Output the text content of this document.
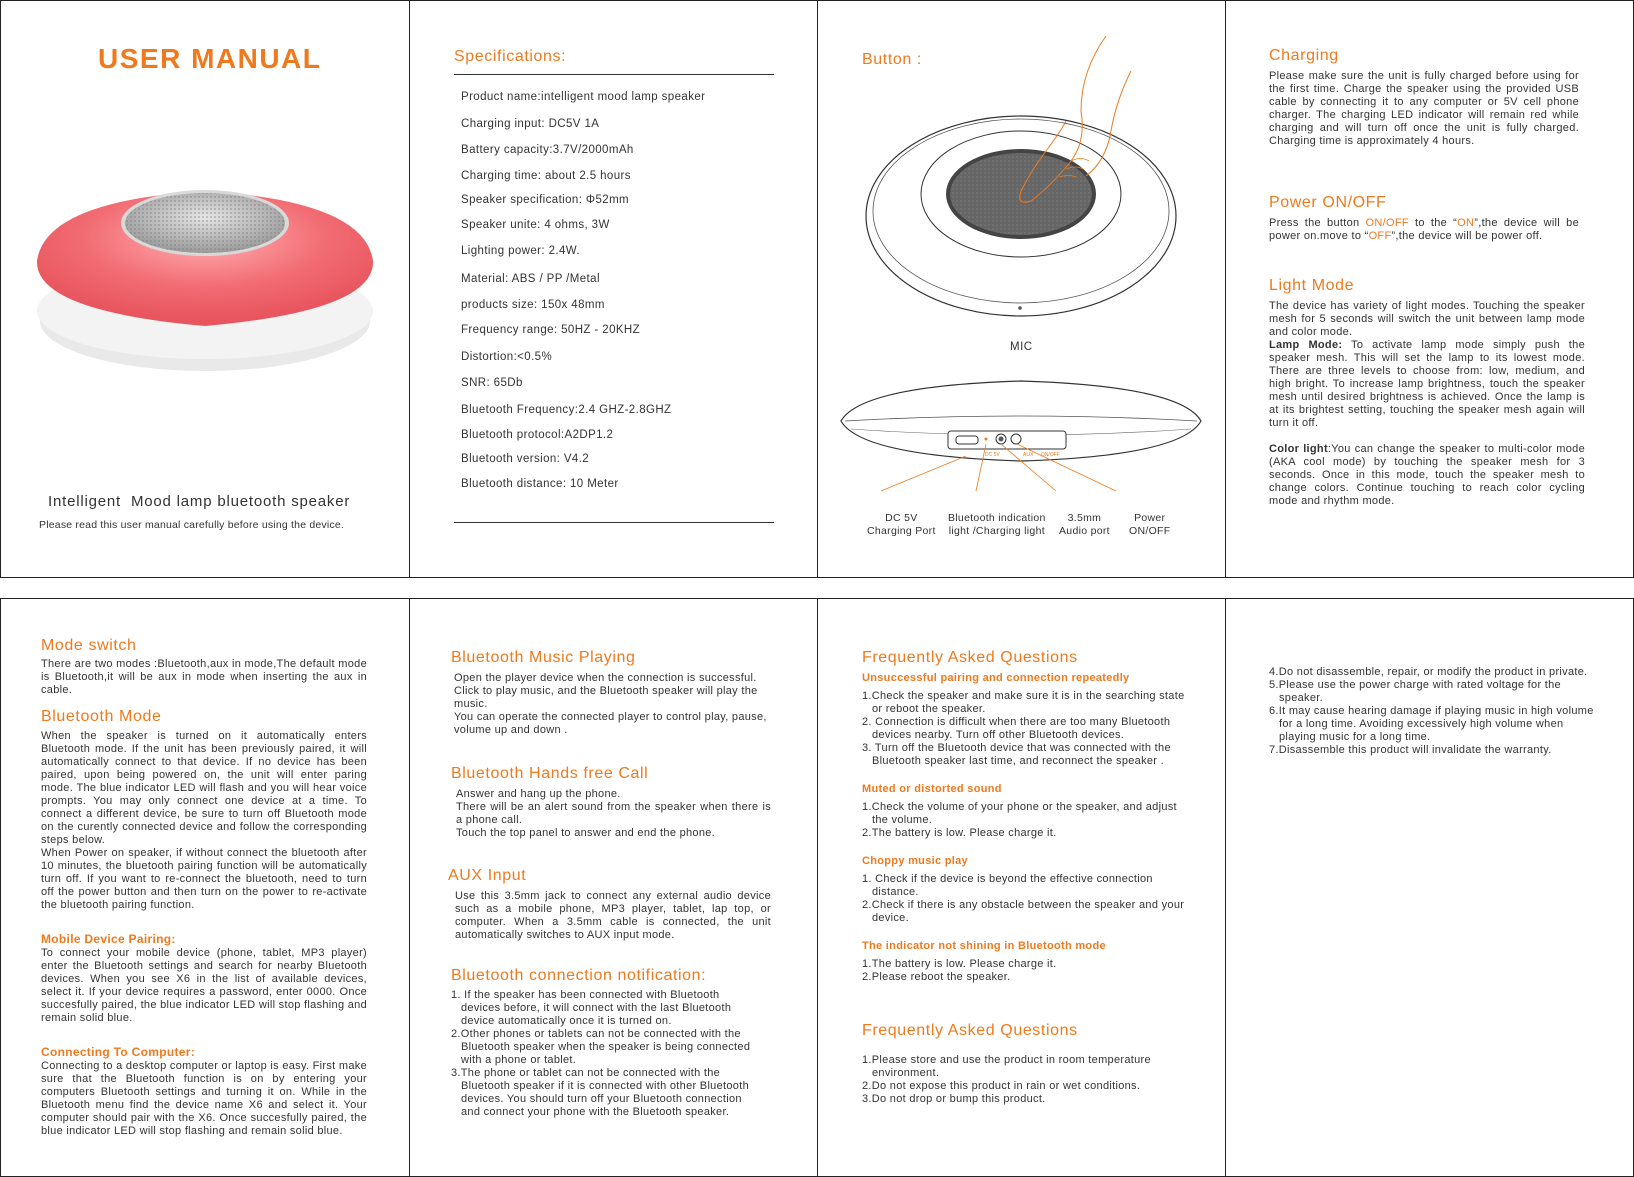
USER MANUAL
Intelligent  Mood lamp bluetooth speaker
Please read this user manual carefully before using the device.
Specifications:
Product name:intelligent mood lamp speaker
Charging input: DC5V 1A
Battery capacity:3.7V/2000mAh
Charging time: about 2.5 hours
Speaker specification: Φ52mm
Speaker unite: 4 ohms, 3W
Lighting power: 2.4W.
Material: ABS / PP /Metal
products size: 150x 48mm
Frequency range: 50HZ - 20KHZ
Distortion:<0.5%
SNR: 65Db
Bluetooth Frequency:2.4 GHZ-2.8GHZ
Bluetooth protocol:A2DP1.2
Bluetooth version: V4.2
Bluetooth distance: 10 Meter
Button :
MIC
DC 5V	AUX ON/OFF
DC 5V
Charging Port
Bluetooth indication
light /Charging light
3.5mm
Audio port
Power
ON/OFF
Charging

Please make sure the unit is fully charged before using for the first time. Charge the speaker using the provided USB cable by connecting it to any computer or 5V cell phone charger. The charging LED indicator will remain red while charging and will turn off once the unit is fully charged. Charging time is approximately 4 hours.

Power ON/OFF

Press the button ON/OFF to the “ON”,the device will be power on.move to “OFF”,the device will be power off.

Light Mode

The device has variety of light modes. Touching the speaker mesh for 5 seconds will switch the unit between lamp mode and color mode.

Lamp Mode: To activate lamp mode simply push the speaker mesh. This will set the lamp to its lowest mode. There are three levels to choose from: low, medium, and high bright. To increase lamp brightness, touch the speaker mesh until desired brightness is achieved. Once the lamp is at its brightest setting, touching the speaker mesh again will turn it off.

Color light:You can change the speaker to multi-color mode (AKA cool mode) by touching the speaker mesh for 3 seconds. Once in this mode, touch the speaker mesh to change colors. Continue touching to reach color cycling mode and rhythm mode.

Mode switch

There are two modes :Bluetooth,aux in mode,The default mode is Bluetooth,it will be aux in mode when inserting the aux in cable.

Bluetooth Mode

When the speaker is turned on it automatically enters Bluetooth mode. If the unit has been previously paired, it will automatically connect to that device. If no device has been paired, upon being powered on, the unit will enter paring mode. The blue indicator LED will flash and you will hear voice prompts. You may only connect one device at a time. To connect a different device, be sure to turn off Bluetooth mode on the curently connected device and follow the corresponding steps below.

When Power on speaker, if without connect the bluetooth after 10 minutes, the bluetooth pairing function will be automatically turn off. If you want to re-connect the bluetooth, need to turn off the power button and then turn on the power to re-activate the bluetooth pairing function.

Mobile Device Pairing:

To connect your mobile device (phone, tablet, MP3 player) enter the Bluetooth settings and search for nearby Bluetooth devices. When you see X6 in the list of available devices, select it. If your device requires a password, enter 0000. Once succesfully paired, the blue indicator LED will stop flashing and remain solid blue.

Connecting To Computer:

Connecting to a desktop computer or laptop is easy. First make sure that the Bluetooth function is on by entering your computers Bluetooth settings and turning it on. While in the Bluetooth menu find the device name X6 and select it. Your computer should pair with the X6. Once succesfully paired, the blue indicator LED will stop flashing and remain solid blue.

Bluetooth Music Playing

Open the player device when the connection is successful. Click to play music, and the Bluetooth speaker will play the music.

You can operate the connected player to control play, pause, volume up and down .

Bluetooth Hands free Call

Answer and hang up the phone.

There will be an alert sound from the speaker when there is a phone call.

Touch the top panel to answer and end the phone.

AUX Input

Use this 3.5mm jack to connect any external audio device such as a mobile phone, MP3 player, tablet, lap top, or computer. When a 3.5mm cable is connected, the unit automatically switches to AUX input mode.

Bluetooth connection notification:
1. If the speaker has been connected with Bluetooth devices before, it will connect with the last Bluetooth device automatically once it is turned on.
2.Other phones or tablets can not be connected with the Bluetooth speaker when the speaker is being connected with a phone or tablet.
3.The phone or tablet can not be connected with the Bluetooth speaker if it is connected with other Bluetooth devices. You should turn off your Bluetooth connection and connect your phone with the Bluetooth speaker.
Frequently Asked Questions
Unsuccessful pairing and connection repeatedly
1.Check the speaker and make sure it is in the searching state or reboot the speaker.
2. Connection is difficult when there are too many Bluetooth devices nearby. Turn off other Bluetooth devices.
3. Turn off the Bluetooth device that was connected with the Bluetooth speaker last time, and reconnect the speaker .
Muted or distorted sound
1.Check the volume of your phone or the speaker, and adjust the volume.
2.The battery is low. Please charge it.
Choppy music play
1. Check if the device is beyond the effective connection distance.
2.Check if there is any obstacle between the speaker and your device.
The indicator not shining in Bluetooth mode
1.The battery is low. Please charge it.
2.Please reboot the speaker.
Frequently Asked Questions
1.Please store and use the product in room temperature environment.
2.Do not expose this product in rain or wet conditions.
3.Do not drop or bump this product.
4.Do not disassemble, repair, or modify the product in private.
5.Please use the power charge with rated voltage for the speaker.
6.It may cause hearing damage if playing music in high volume for a long time. Avoiding excessively high volume when playing music for a long time.
7.Disassemble this product will invalidate the warranty.
